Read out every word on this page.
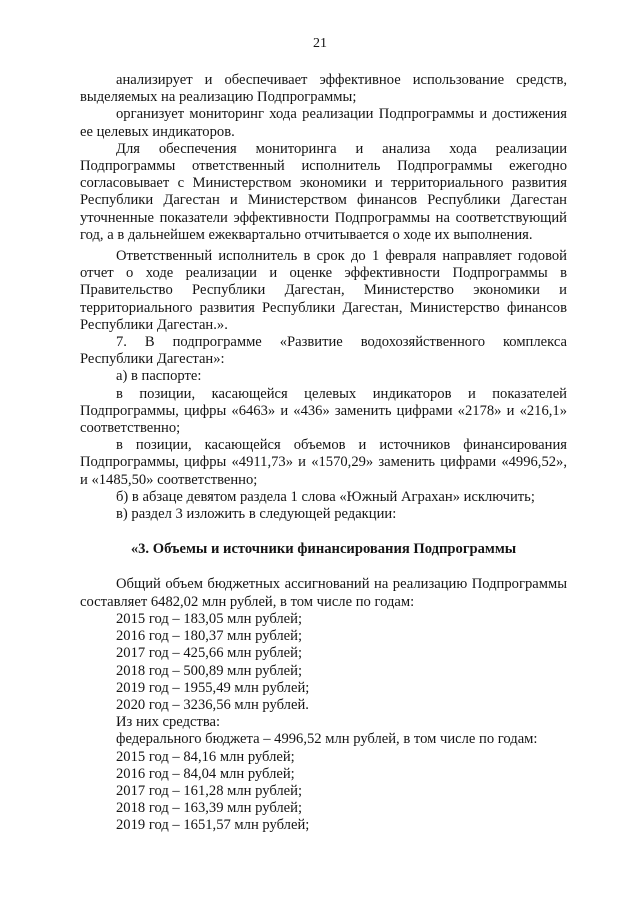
21

анализирует и обеспечивает эффективное использование средств, выделяемых на реализацию Подпрограммы;

организует мониторинг хода реализации Подпрограммы и достижения ее целевых индикаторов.

Для обеспечения мониторинга и анализа хода реализации Подпрограммы ответственный исполнитель Подпрограммы ежегодно согласовывает с Министерством экономики и территориального развития Республики Дагестан и Министерством финансов Республики Дагестан уточненные показатели эффективности Подпрограммы на соответствующий год, а в дальнейшем ежеквартально отчитывается о ходе их выполнения.

Ответственный исполнитель в срок до 1 февраля направляет годовой отчет о ходе реализации и оценке эффективности Подпрограммы в Правительство Республики Дагестан, Министерство экономики и территориального развития Республики Дагестан, Министерство финансов Республики Дагестан.».

7. В подпрограмме «Развитие водохозяйственного комплекса Республики Дагестан»:

а) в паспорте:

в позиции, касающейся целевых индикаторов и показателей Подпрограммы, цифры «6463» и «436» заменить цифрами «2178» и «216,1» соответственно;

в позиции, касающейся объемов и источников финансирования Подпрограммы, цифры «4911,73» и «1570,29» заменить цифрами «4996,52», и «1485,50» соответственно;

б) в абзаце девятом раздела 1 слова «Южный Аграхан» исключить;

в) раздел 3 изложить в следующей редакции:

«3. Объемы и источники финансирования Подпрограммы

Общий объем бюджетных ассигнований на реализацию Подпрограммы составляет 6482,02 млн рублей, в том числе по годам:

2015 год – 183,05 млн рублей;

2016 год – 180,37 млн рублей;

2017 год – 425,66 млн рублей;

2018 год – 500,89 млн рублей;

2019 год – 1955,49 млн рублей;

2020 год – 3236,56 млн рублей.

Из них средства:

федерального бюджета – 4996,52 млн рублей, в том числе по годам:

2015 год – 84,16 млн рублей;

2016 год – 84,04 млн рублей;

2017 год – 161,28 млн рублей;

2018 год – 163,39 млн рублей;

2019 год – 1651,57 млн рублей;
